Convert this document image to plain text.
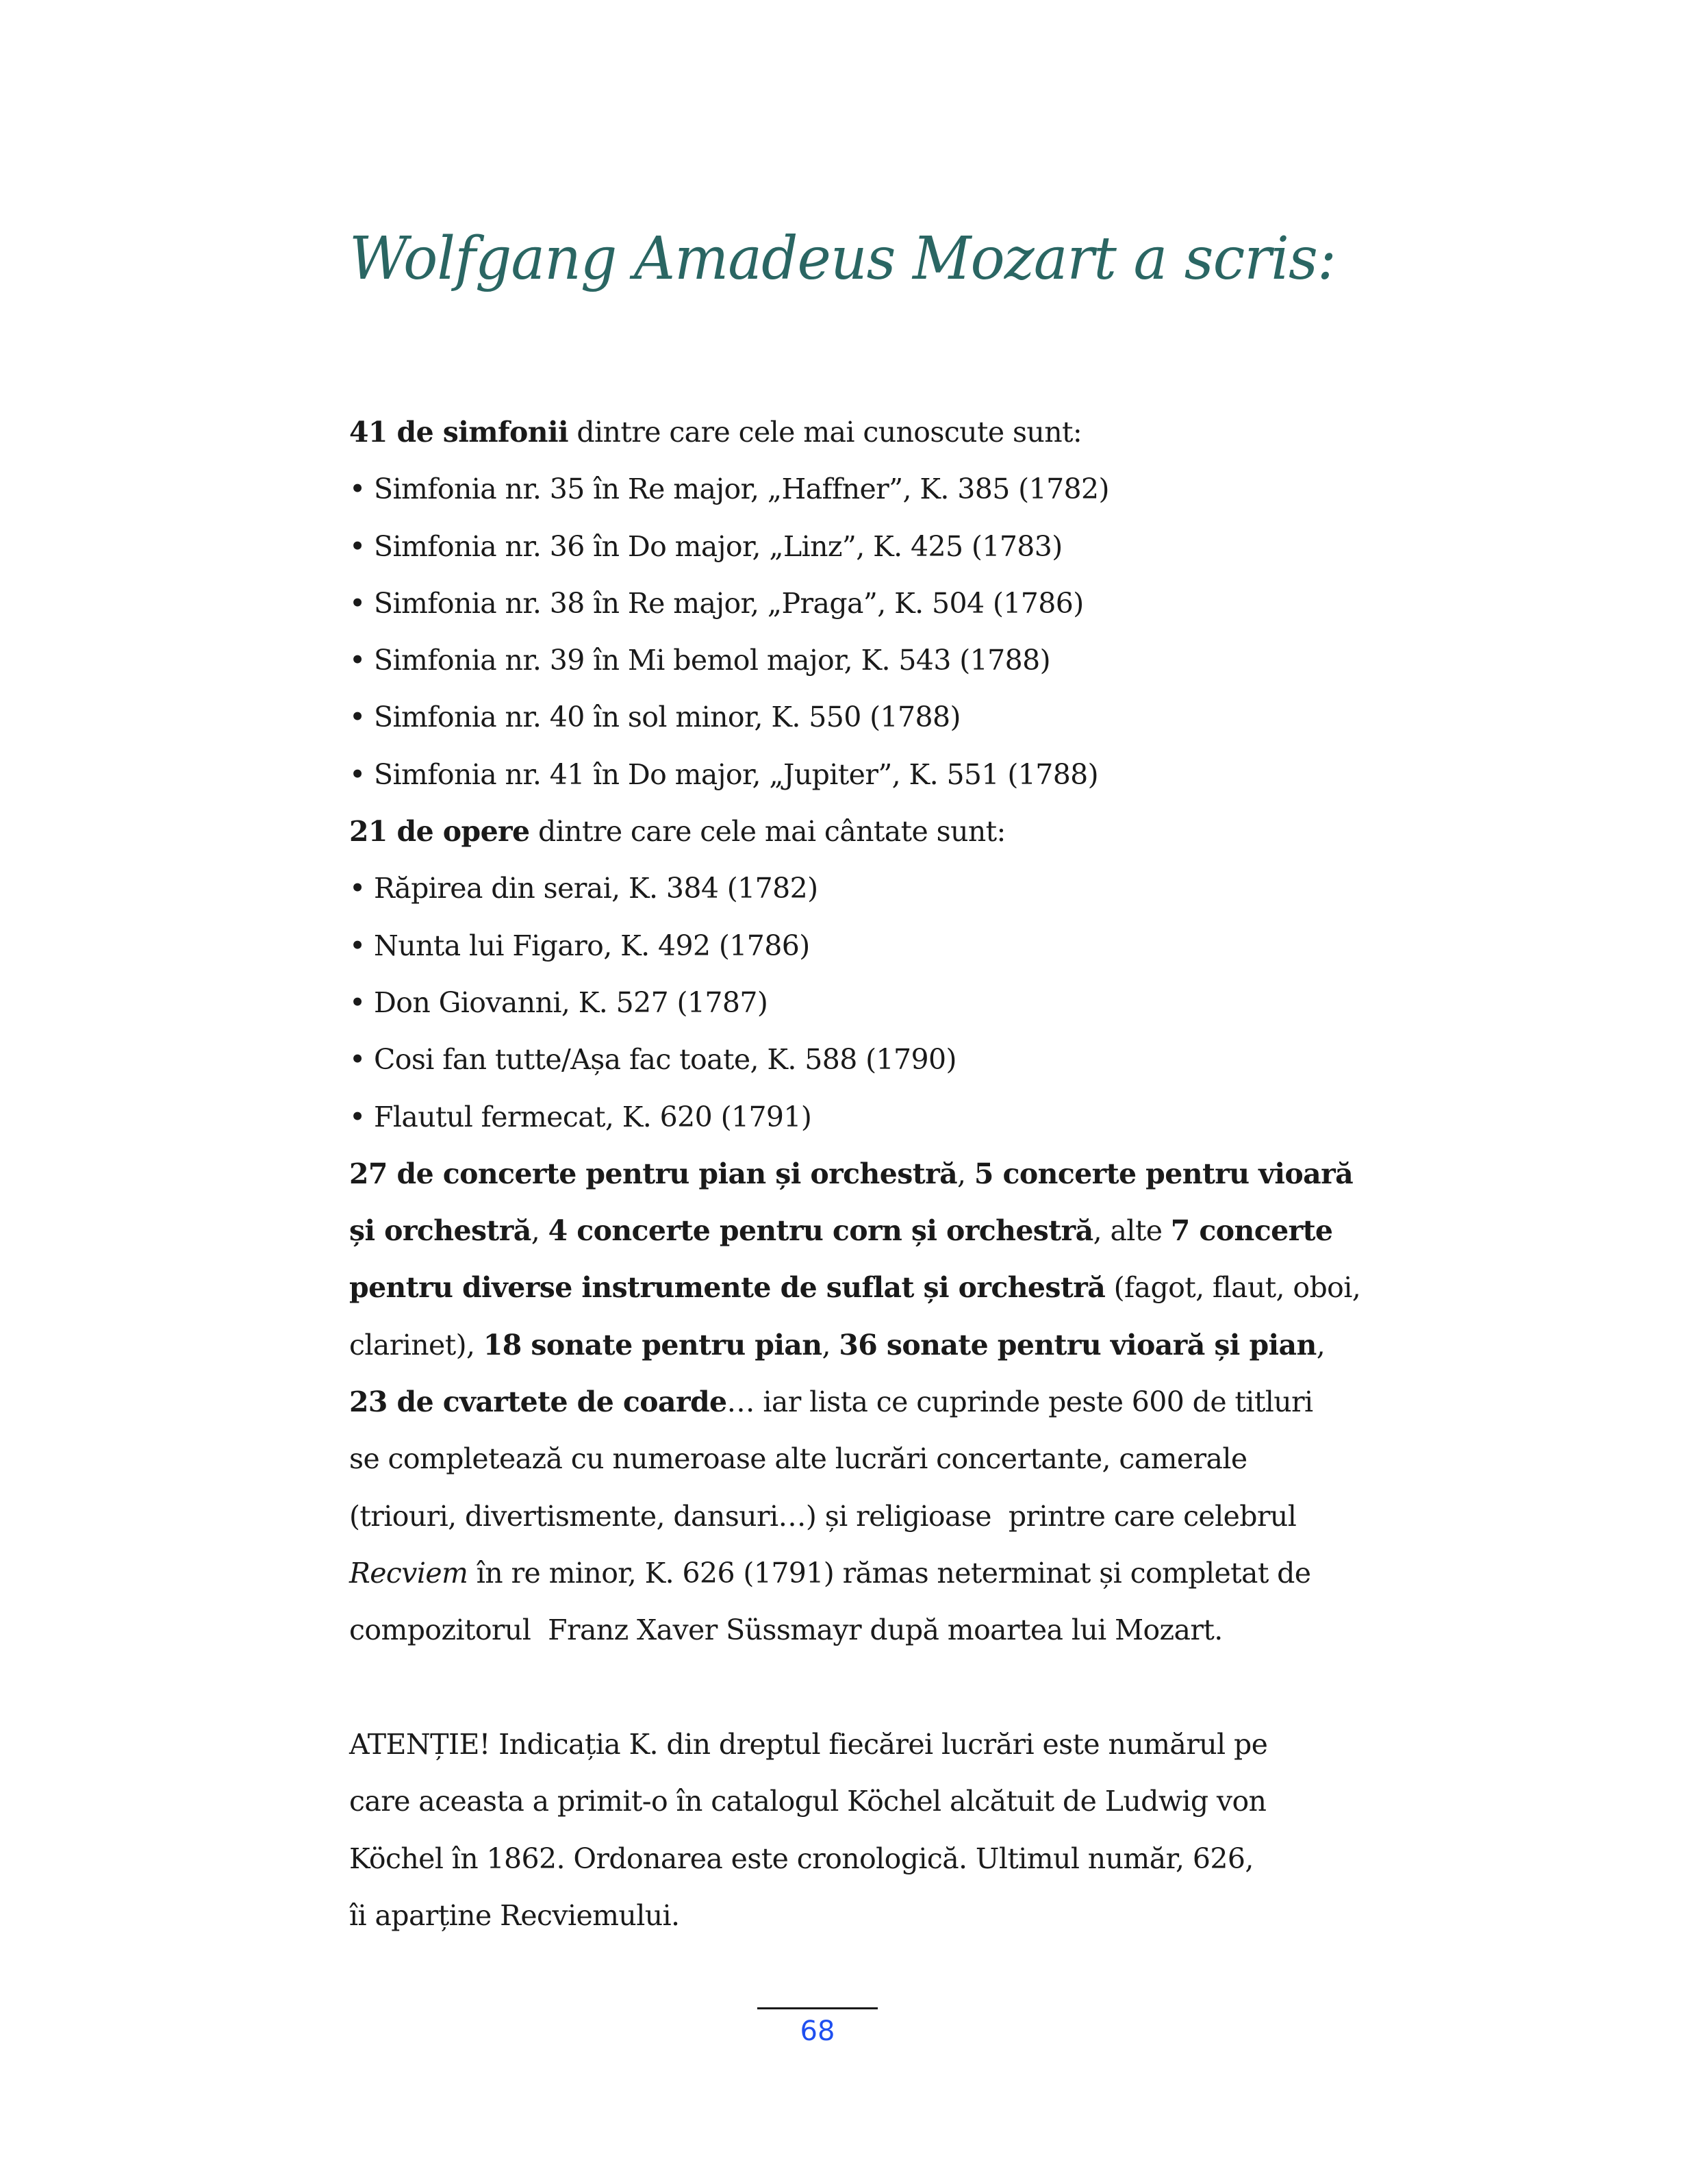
Wolfgang Amadeus Mozart a scris:
41 de simfonii dintre care cele mai cunoscute sunt:
• Simfonia nr. 35 în Re major, „Haffner”, K. 385 (1782)
• Simfonia nr. 36 în Do major, „Linz”, K. 425 (1783)
• Simfonia nr. 38 în Re major, „Praga”, K. 504 (1786)
• Simfonia nr. 39 în Mi bemol major, K. 543 (1788)
• Simfonia nr. 40 în sol minor, K. 550 (1788)
• Simfonia nr. 41 în Do major, „Jupiter”, K. 551 (1788)
21 de opere dintre care cele mai cântate sunt:
• Răpirea din serai, K. 384 (1782)
• Nunta lui Figaro, K. 492 (1786)
• Don Giovanni, K. 527 (1787)
• Cosi fan tutte/Așa fac toate, K. 588 (1790)
• Flautul fermecat, K. 620 (1791)
27 de concerte pentru pian și orchestră, 5 concerte pentru vioară
și orchestră, 4 concerte pentru corn și orchestră, alte 7 concerte
pentru diverse instrumente de suflat și orchestră (fagot, flaut, oboi,
clarinet), 18 sonate pentru pian, 36 sonate pentru vioară și pian,
23 de cvartete de coarde… iar lista ce cuprinde peste 600 de titluri
se completează cu numeroase alte lucrări concertante, camerale
(triouri, divertismente, dansuri…) și religioase  printre care celebrul
Recviem în re minor, K. 626 (1791) rămas neterminat și completat de
compozitorul  Franz Xaver Süssmayr după moartea lui Mozart.
ATENȚIE! Indicația K. din dreptul fiecărei lucrări este numărul pe
care aceasta a primit-o în catalogul Köchel alcătuit de Ludwig von
Köchel în 1862. Ordonarea este cronologică. Ultimul număr, 626,
îi aparține Recviemului.
68
